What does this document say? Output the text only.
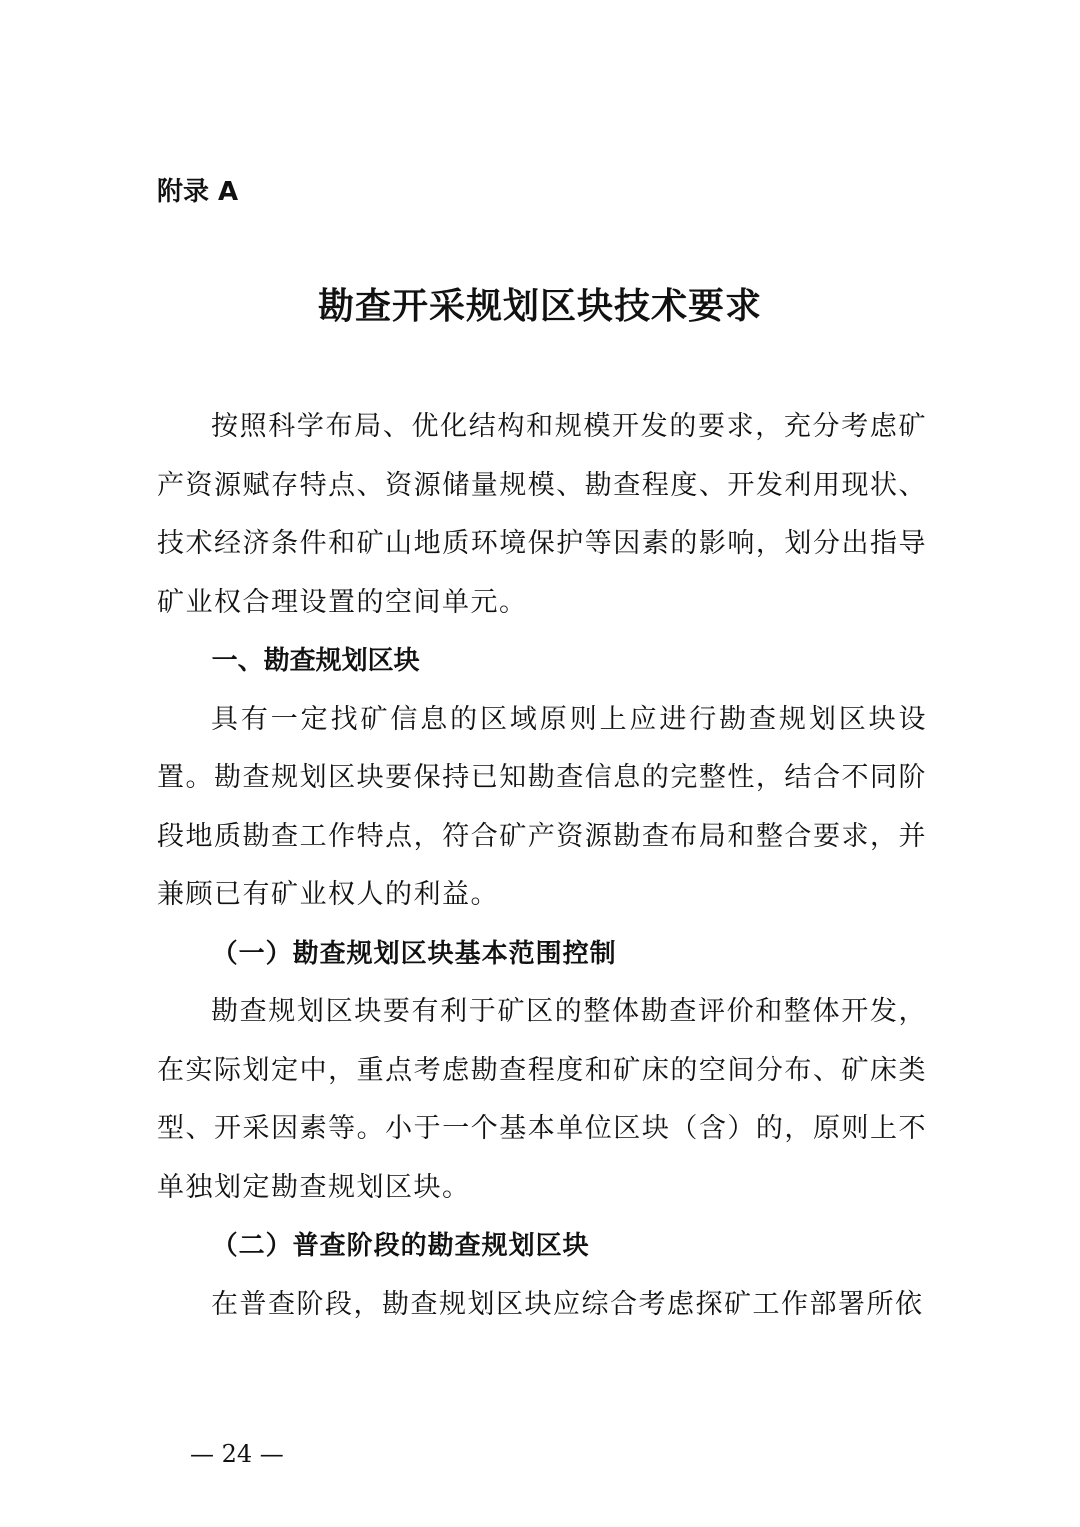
附录 A
勘查开采规划区块技术要求

按照科学布局、优化结构和规模开发的要求，充分考虑矿产资源赋存特点、资源储量规模、勘查程度、开发利用现状、技术经济条件和矿山地质环境保护等因素的影响，划分出指导矿业权合理设置的空间单元。

一、勘查规划区块

具有一定找矿信息的区域原则上应进行勘查规划区块设置。勘查规划区块要保持已知勘查信息的完整性，结合不同阶段地质勘查工作特点，符合矿产资源勘查布局和整合要求，并兼顾已有矿业权人的利益。

（一）勘查规划区块基本范围控制

勘查规划区块要有利于矿区的整体勘查评价和整体开发，在实际划定中，重点考虑勘查程度和矿床的空间分布、矿床类型、开采因素等。小于一个基本单位区块（含）的，原则上不单独划定勘查规划区块。

（二）普查阶段的勘查规划区块

在普查阶段，勘查规划区块应综合考虑探矿工作部署所依

— 24 —
